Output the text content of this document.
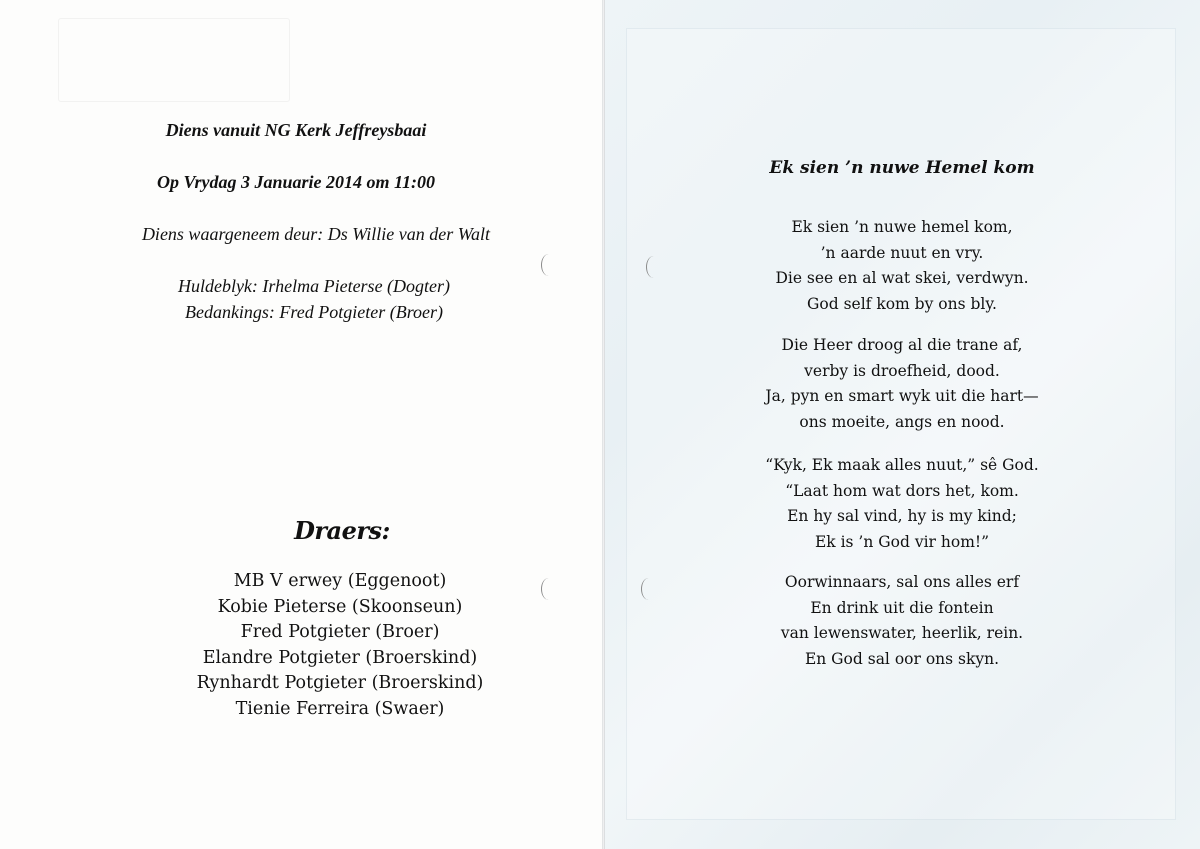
Diens vanuit NG Kerk Jeffreysbaai
Op Vrydag 3 Januarie 2014 om 11:00
Diens waargeneem deur: Ds Willie van der Walt
Huldeblyk: Irhelma Pieterse (Dogter)
Bedankings: Fred Potgieter (Broer)
Draers:
MB V erwey (Eggenoot)
Kobie Pieterse (Skoonseun)
Fred Potgieter (Broer)
Elandre Potgieter (Broerskind)
Rynhardt Potgieter (Broerskind)
Tienie Ferreira (Swaer)
Ek sien ’n nuwe Hemel kom
Ek sien ’n nuwe hemel kom,
’n aarde nuut en vry.
Die see en al wat skei, verdwyn.
God self kom by ons bly.
Die Heer droog al die trane af,
verby is droefheid, dood.
Ja, pyn en smart wyk uit die hart—
ons moeite, angs en nood.
“Kyk, Ek maak alles nuut,” sê God.
“Laat hom wat dors het, kom.
En hy sal vind, hy is my kind;
Ek is ’n God vir hom!”
Oorwinnaars, sal ons alles erf
En drink uit die fontein
van lewenswater, heerlik, rein.
En God sal oor ons skyn.
